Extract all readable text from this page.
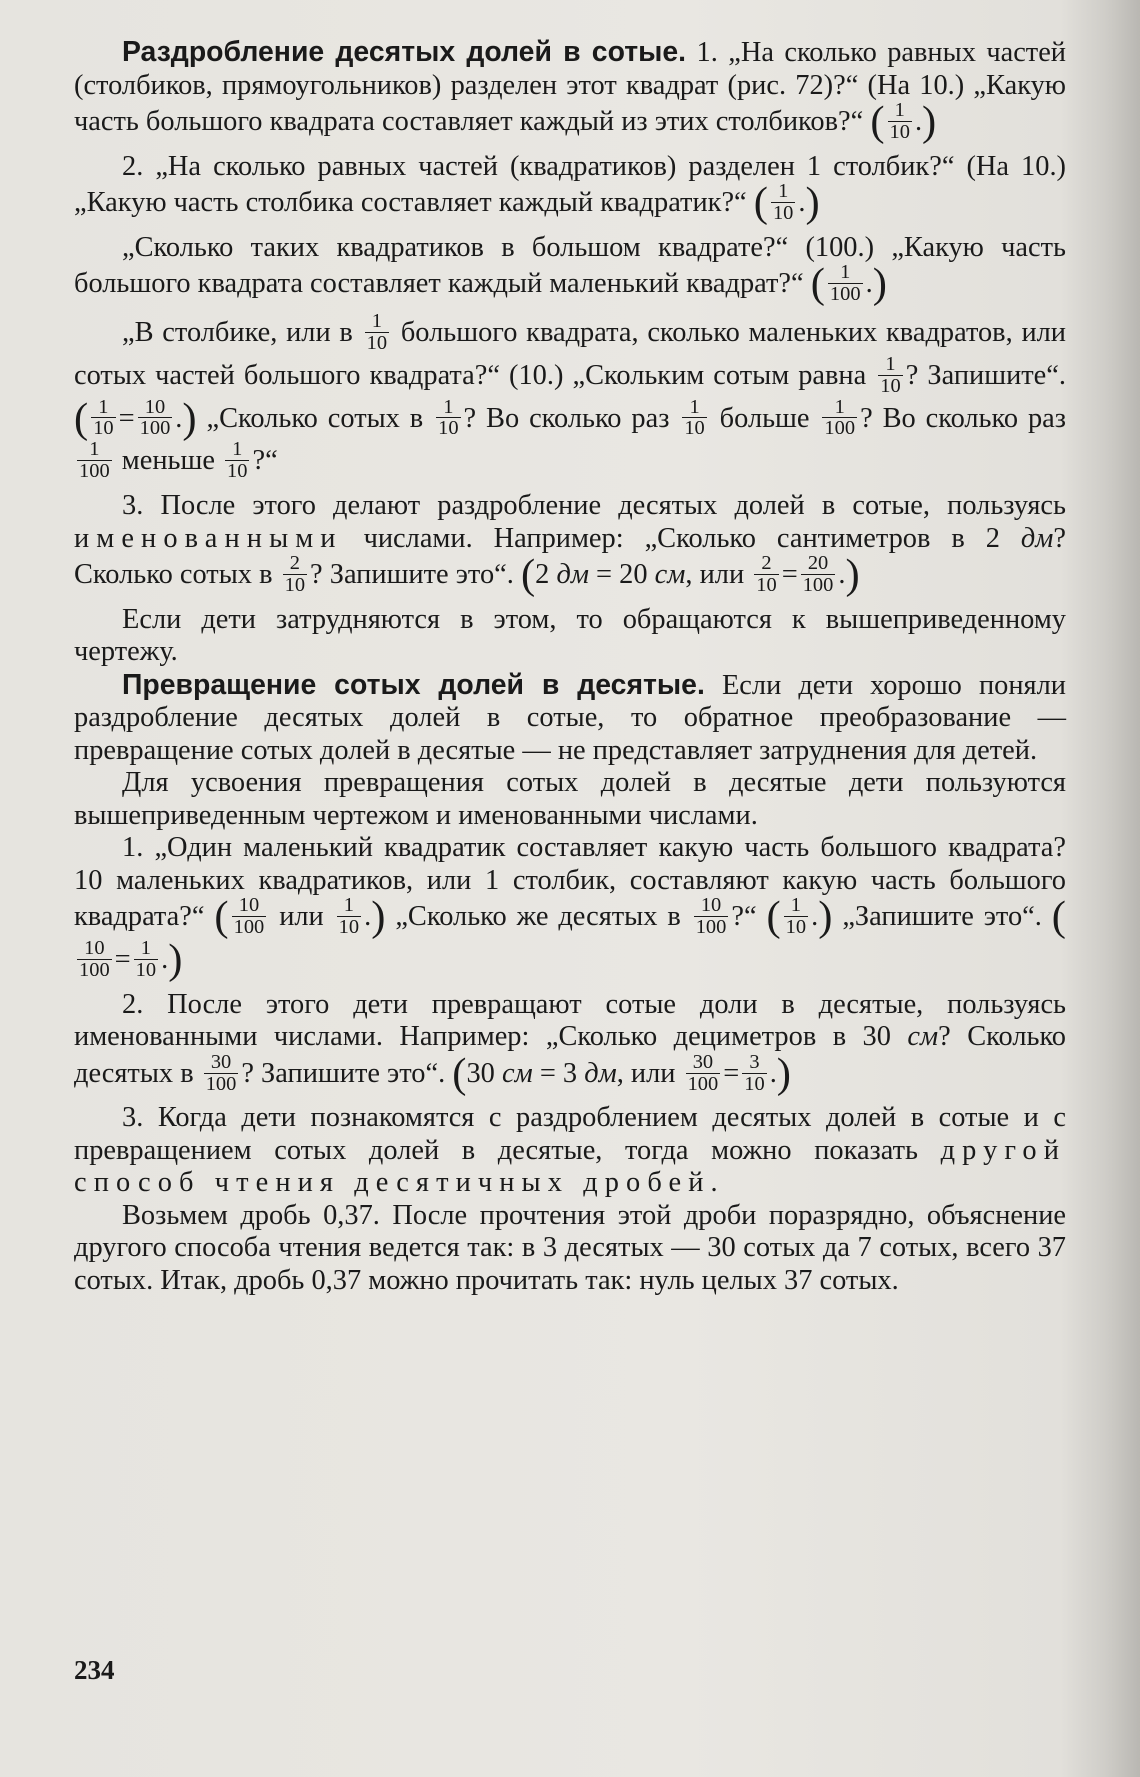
Раздробление десятых долей в сотые. 1. „На сколько равных частей (столбиков, прямоугольников) разделен этот квадрат (рис. 72)?“ (На 10.) „Какую часть большого квадрата составляет каждый из этих столбиков?“ ( $\frac{1}{10}$ .)

2. „На сколько равных частей (квадратиков) разделен 1 столбик?“ (На 10.) „Какую часть столбика составляет каждый квадратик?“ ( $\frac{1}{10}$ .)

„Сколько таких квадратиков в большом квадрате?“ (100.) „Какую часть большого квадрата составляет каждый маленький квадрат?“ ( $\frac{1}{100}$ .)

„В столбике, или в $\frac{1}{10}$ большого квадрата, сколько маленьких квадратов, или сотых частей большого квадрата?“ (10.) „Скольким сотым равна $\frac{1}{10}$ ? Запишите“. ( $\frac{1}{10} = \frac{10}{100}$ .) „Сколько сотых в $\frac{1}{10}$ ? Во сколько раз $\frac{1}{10}$ больше $\frac{1}{100}$ ? Во сколько раз
$\frac{1}{100}$ меньше $\frac{1}{10}$ ?“

3. После этого делают раздробление десятых долей в сотые, пользуясь именованными числами. Например: „Сколько сантиметров в 2 дм? Сколько сотых в $\frac{2}{10}$ ? Запишите это“. (2 дм = 20 см, или $\frac{2}{10} = \frac{20}{100}$ .)

Если дети затрудняются в этом, то обращаются к вышеприведенному чертежу.

Превращение сотых долей в десятые. Если дети хорошо поняли раздробление десятых долей в сотые, то обратное преобразование — превращение сотых долей в десятые — не представляет затруднения для детей.

Для усвоения превращения сотых долей в десятые дети пользуются вышеприведенным чертежом и именованными числами.

1. „Один маленький квадратик составляет какую часть большого квадрата? 10 маленьких квадратиков, или 1 столбик, составляют какую часть большого квадрата?“ ( $\frac{10}{100}$ или $\frac{1}{10}$ .) „Сколько же десятых в $\frac{10}{100}$ ?“ ( $\frac{1}{10}$ .) „Запишите это“. (
$\frac{10}{100} = \frac{1}{10}$ .)

2. После этого дети превращают сотые доли в десятые, пользуясь именованными числами. Например: „Сколько дециметров в 30 см? Сколько десятых в $\frac{30}{100}$ ? Запишите это“. (30 см = 3 дм, или $\frac{30}{100} = \frac{3}{10}$ .)

3. Когда дети познакомятся с раздроблением десятых долей в сотые и с превращением сотых долей в десятые, тогда можно показать другой способ чтения десятичных дробей.

Возьмем дробь 0,37. После прочтения этой дроби поразрядно, объяснение другого способа чтения ведется так: в 3 десятых — 30 сотых да 7 сотых, всего 37 сотых. Итак, дробь 0,37 можно прочитать так: нуль целых 37 сотых.

234
